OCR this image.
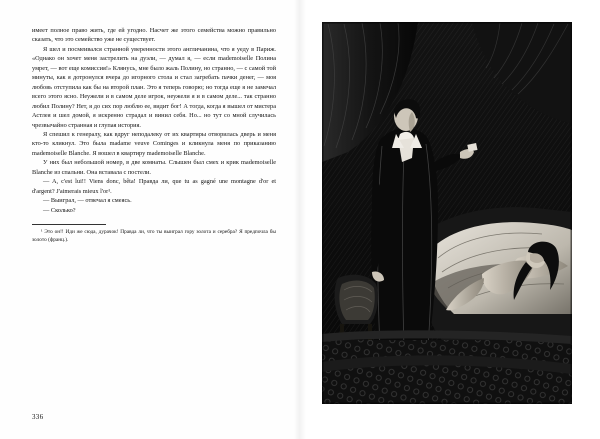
имеет полное право жить, где ей угодно. Насчет же этого семейства можно правильно сказать, что это семейство уже не существует.

Я шел и посмеивался странной уверенности этого англичанина, что я уеду в Париж. «Однако он хочет меня застрелить на дуэли, — думал я, — если mademoiselle Полина умрет, — вот еще комиссия!» Клянусь, мне было жаль Полину, но странно, — с самой той минуты, как я дотронулся вчера до игорного стола и стал загребать пачки денег, — моя любовь отступила как бы на второй план. Это я теперь говорю; но тогда еще я не замечал всего этого ясно. Неужели и в самом деле игрок, неужели я и в самом деле... так странно любил Полину? Нет, я до сих пор люблю ее, видит бог! А тогда, когда я вышел от мистера Астлея и шел домой, я искренно страдал и винил себя. Но... но тут со мной случилась чрезвычайно странная и глупая история.

Я спешил к генералу, как вдруг неподалеку от их квартиры отворилась дверь и меня кто-то кликнул. Это была madame veuve Cominges и кликнула меня по приказанию mademoiselle Blanche. Я вошел в квартиру mademoiselle Blanche.

У них был небольшой номер, в две комнаты. Слышен был смех и крик mademoiselle Blanche из спальни. Она вставала с постели.

— A, c'est lui!! Viens donc, bêta! Правда ли, que tu as gagné une montagne d'or et d'argent? J'aimerais mieux l'or¹.

— Выиграл, — отвечал я смеясь.

— Сколько?

¹ Это он!! Иди же сюда, дурачок! Правда ли, что ты выиграл гору золота и серебра? Я предпочла бы золото (франц.).
336
